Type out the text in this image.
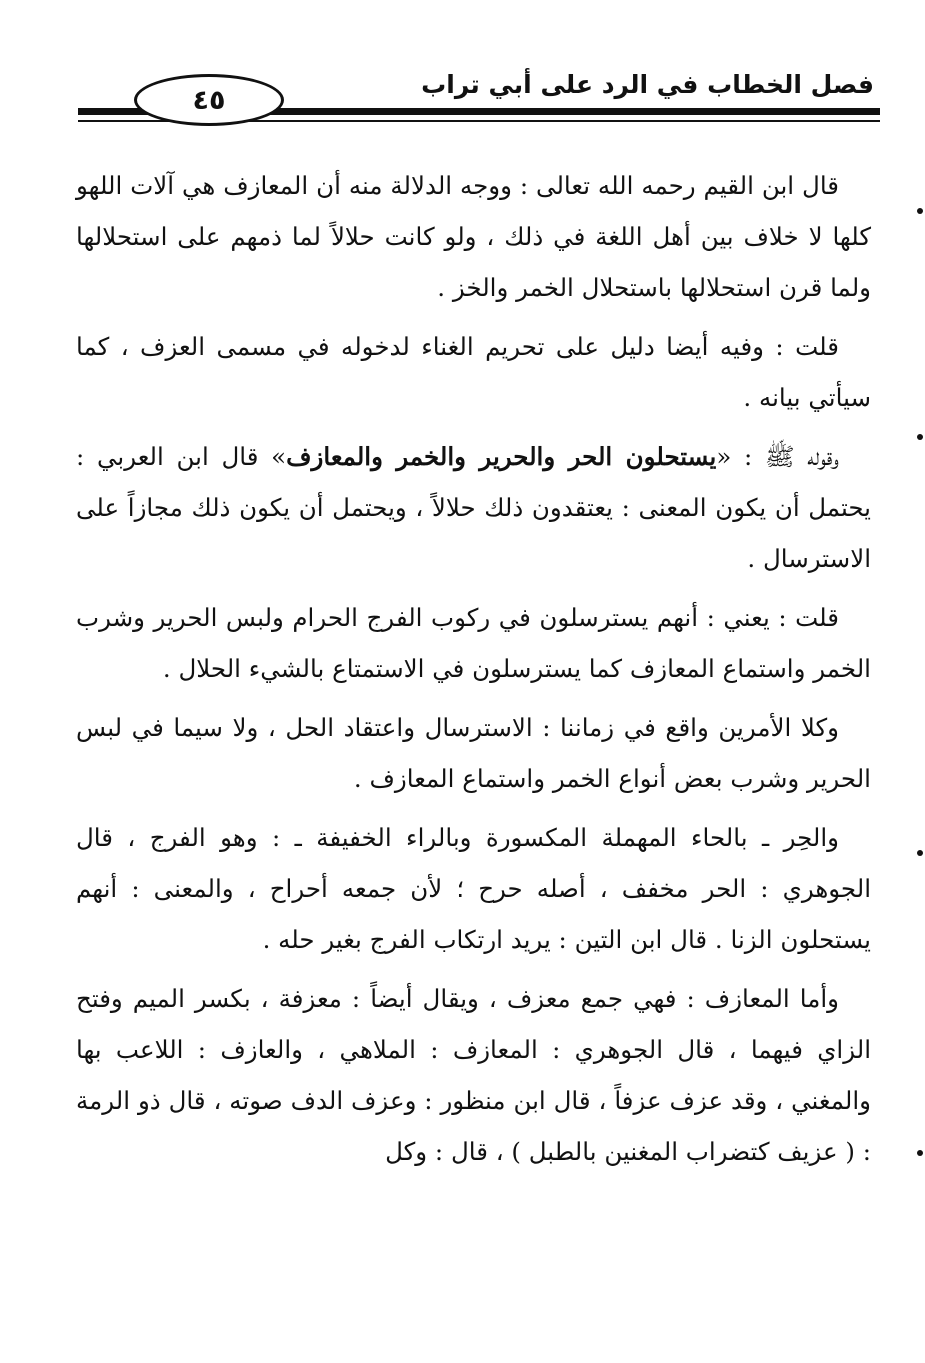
فصل الخطاب في الرد على أبي تراب
٤٥

قال ابن القيم رحمه الله تعالى : ووجه الدلالة منه أن المعازف هي آلات اللهو كلها لا خلاف بين أهل اللغة في ذلك ، ولو كانت حلالاً لما ذمهم على استحلالها ولما قرن استحلالها باستحلال الخمر والخز .

قلت : وفيه أيضا دليل على تحريم الغناء لدخوله في مسمى العزف ، كما سيأتي بيانه .

وقوله ﷺ : «يستحلون الحر والحرير والخمر والمعازف» قال ابن العربي : يحتمل أن يكون المعنى : يعتقدون ذلك حلالاً ، ويحتمل أن يكون ذلك مجازاً على الاسترسال .

قلت : يعني : أنهم يسترسلون في ركوب الفرج الحرام ولبس الحرير وشرب الخمر واستماع المعازف كما يسترسلون في الاستمتاع بالشيء الحلال .

وكلا الأمرين واقع في زماننا : الاسترسال واعتقاد الحل ، ولا سيما في لبس الحرير وشرب بعض أنواع الخمر واستماع المعازف .

والحِر ـ بالحاء المهملة المكسورة وبالراء الخفيفة ـ : وهو الفرج ، قال الجوهري : الحر مخفف ، أصله حرح ؛ لأن جمعه أحراح ، والمعنى : أنهم يستحلون الزنا . قال ابن التين : يريد ارتكاب الفرج بغير حله .

وأما المعازف : فهي جمع معزف ، ويقال أيضاً : معزفة ، بكسر الميم وفتح الزاي فيهما ، قال الجوهري : المعازف : الملاهي ، والعازف : اللاعب بها والمغني ، وقد عزف عزفاً ، قال ابن منظور : وعزف الدف صوته ، قال ذو الرمة : ( عزيف كتضراب المغنين بالطبل ) ، قال : وكل
